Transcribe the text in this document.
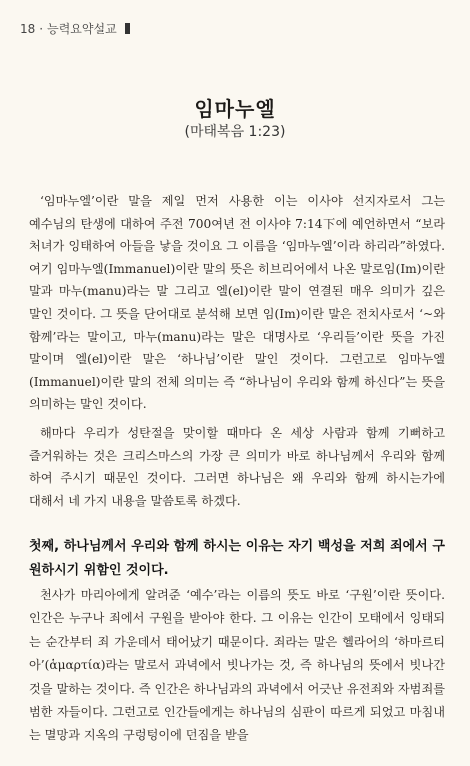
18 · 능력요약설교
임마누엘
(마태복음 1:23)

‘임마누엘’이란 말을 제일 먼저 사용한 이는 이사야 선지자로서 그는 예수님의 탄생에 대하여 주전 700여년 전 이사야 7:14下에 예언하면서 “보라 처녀가 잉태하여 아들을 낳을 것이요 그 이름을 ‘임마누엘’이라 하리라”하였다. 여기 임마누엘(Immanuel)이란 말의 뜻은 히브리어에서 나온 말로임(Im)이란 말과 마누(manu)라는 말 그리고 엘(el)이란 말이 연결된 매우 의미가 깊은 말인 것이다. 그 뜻을 단어대로 분석해 보면 임(Im)이란 말은 전치사로서 ‘~와 함께’라는 말이고, 마누(manu)라는 말은 대명사로 ‘우리들’이란 뜻을 가진 말이며 엘(el)이란 말은 ‘하나님’이란 말인 것이다. 그런고로 임마누엘(Immanuel)이란 말의 전체 의미는 즉 “하나님이 우리와 함께 하신다”는 뜻을 의미하는 말인 것이다.

해마다 우리가 성탄절을 맞이할 때마다 온 세상 사람과 함께 기뻐하고 즐거워하는 것은 크리스마스의 가장 큰 의미가 바로 하나님께서 우리와 함께 하여 주시기 때문인 것이다. 그러면 하나님은 왜 우리와 함께 하시는가에 대해서 네 가지 내용을 말씀토록 하겠다.

첫째, 하나님께서 우리와 함께 하시는 이유는 자기 백성을 저희 죄에서 구원하시기 위함인 것이다.

천사가 마리아에게 알려준 ‘예수’라는 이름의 뜻도 바로 ‘구원’이란 뜻이다. 인간은 누구나 죄에서 구원을 받아야 한다. 그 이유는 인간이 모태에서 잉태되는 순간부터 죄 가운데서 태어났기 때문이다. 죄라는 말은 헬라어의 ‘하마르티아’(ἁμαρτία)라는 말로서 과녁에서 빗나가는 것, 즉 하나님의 뜻에서 빗나간것을 말하는 것이다. 즉 인간은 하나님과의 과녁에서 어긋난 유전죄와 자범죄를 범한 자들이다. 그런고로 인간들에게는 하나님의 심판이 따르게 되었고 마침내는 멸망과 지옥의 구렁텅이에 던짐을 받을
